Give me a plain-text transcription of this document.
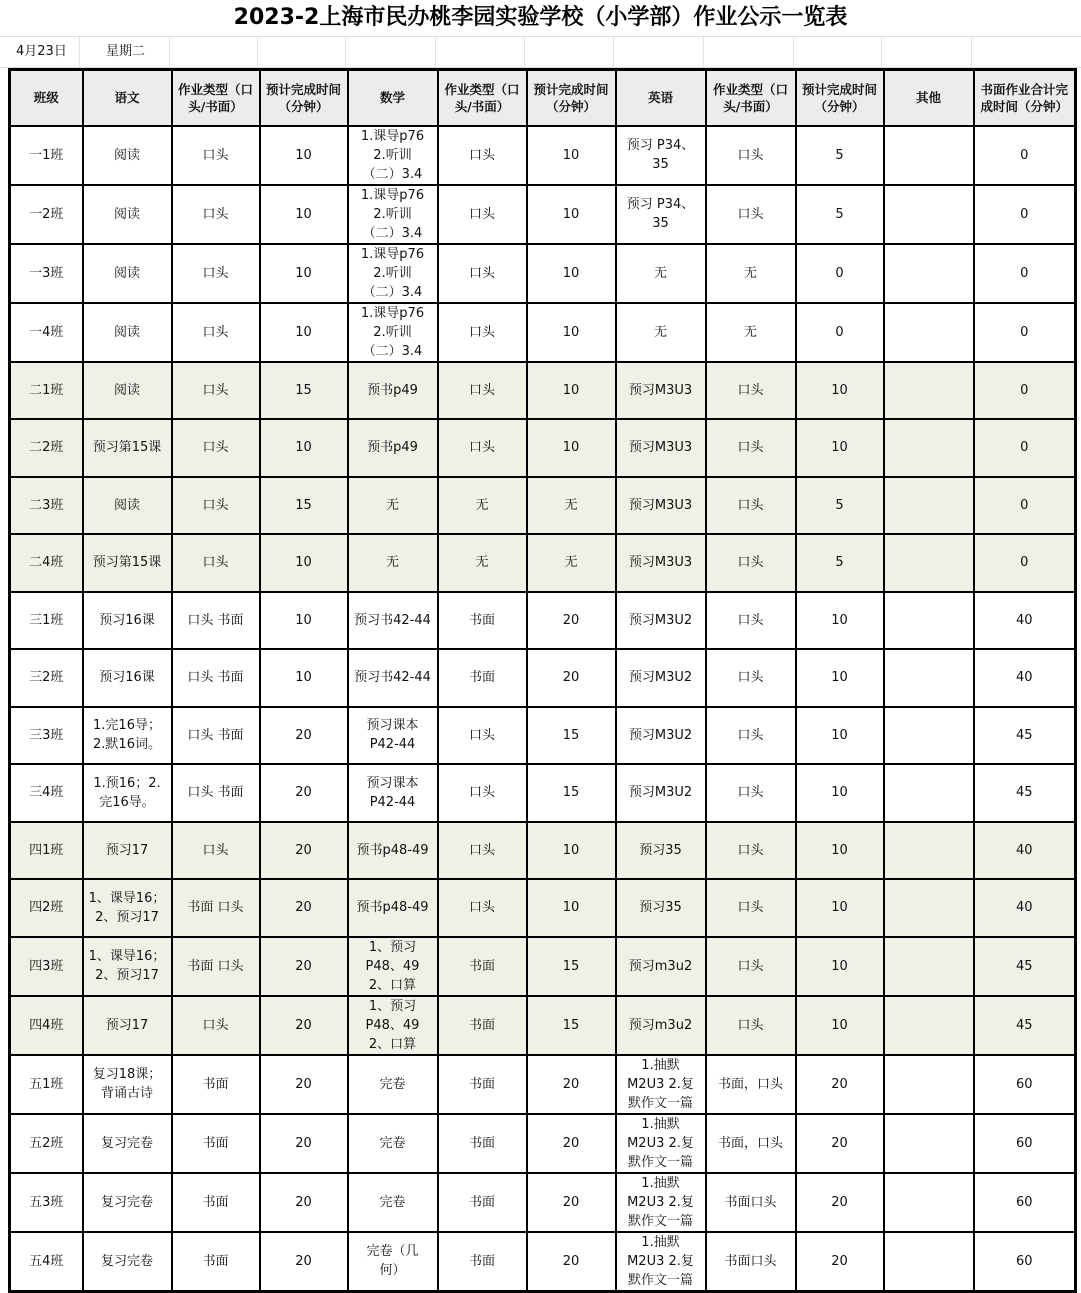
2023-2上海市民办桃李园实验学校（小学部）作业公示一览表
4月23日	星期二
班级	语文	作业类型（口头/书面）	预计完成时间（分钟）	数学	作业类型（口头/书面）	预计完成时间（分钟）	英语	作业类型（口头/书面）	预计完成时间（分钟）	其他	书面作业合计完成时间（分钟）

一1班	阅读	口头	10	1.课导p76
2.听训
（二）3.4	口头	10	预习 P34、
35	口头	5		0

一2班	阅读	口头	10	1.课导p76
2.听训
（二）3.4	口头	10	预习 P34、
35	口头	5		0

一3班	阅读	口头	10	1.课导p76
2.听训
（二）3.4	口头	10	无	无	0		0

一4班	阅读	口头	10	1.课导p76
2.听训
（二）3.4	口头	10	无	无	0		0

二1班	阅读	口头	15	预书p49	口头	10	预习M3U3	口头	10		0

二2班	预习第15课	口头	10	预书p49	口头	10	预习M3U3	口头	10		0

二3班	阅读	口头	15	无	无	无	预习M3U3	口头	5		0

二4班	预习第15课	口头	10	无	无	无	预习M3U3	口头	5		0

三1班	预习16课	口头 书面	10	预习书42-44	书面	20	预习M3U2	口头	10		40

三2班	预习16课	口头 书面	10	预习书42-44	书面	20	预习M3U2	口头	10		40

三3班	1.完16导；
2.默16词。	口头 书面	20	预习课本
P42-44	口头	15	预习M3U2	口头	10		45

三4班	1.预16；2.
完16导。	口头 书面	20	预习课本
P42-44	口头	15	预习M3U2	口头	10		45

四1班	预习17	口头	20	预书p48-49	口头	10	预习35	口头	10		40

四2班	1、课导16；
2、预习17	书面 口头	20	预书p48-49	口头	10	预习35	口头	10		40

四3班	1、课导16；
2、预习17	书面 口头	20	1、预习
P48、49
2、口算	书面	15	预习m3u2	口头	10		45

四4班	预习17	口头	20	1、预习
P48、49
2、口算	书面	15	预习m3u2	口头	10		45

五1班	复习18课；
背诵古诗	书面	20	完卷	书面	20	1.抽默
M2U3 2.复
默作文一篇	书面，口头	20		60

五2班	复习完卷	书面	20	完卷	书面	20	1.抽默
M2U3 2.复
默作文一篇	书面，口头	20		60

五3班	复习完卷	书面	20	完卷	书面	20	1.抽默
M2U3 2.复
默作文一篇	书面口头	20		60

五4班	复习完卷	书面	20	完卷（几
何）	书面	20	1.抽默
M2U3 2.复
默作文一篇	书面口头	20		60
